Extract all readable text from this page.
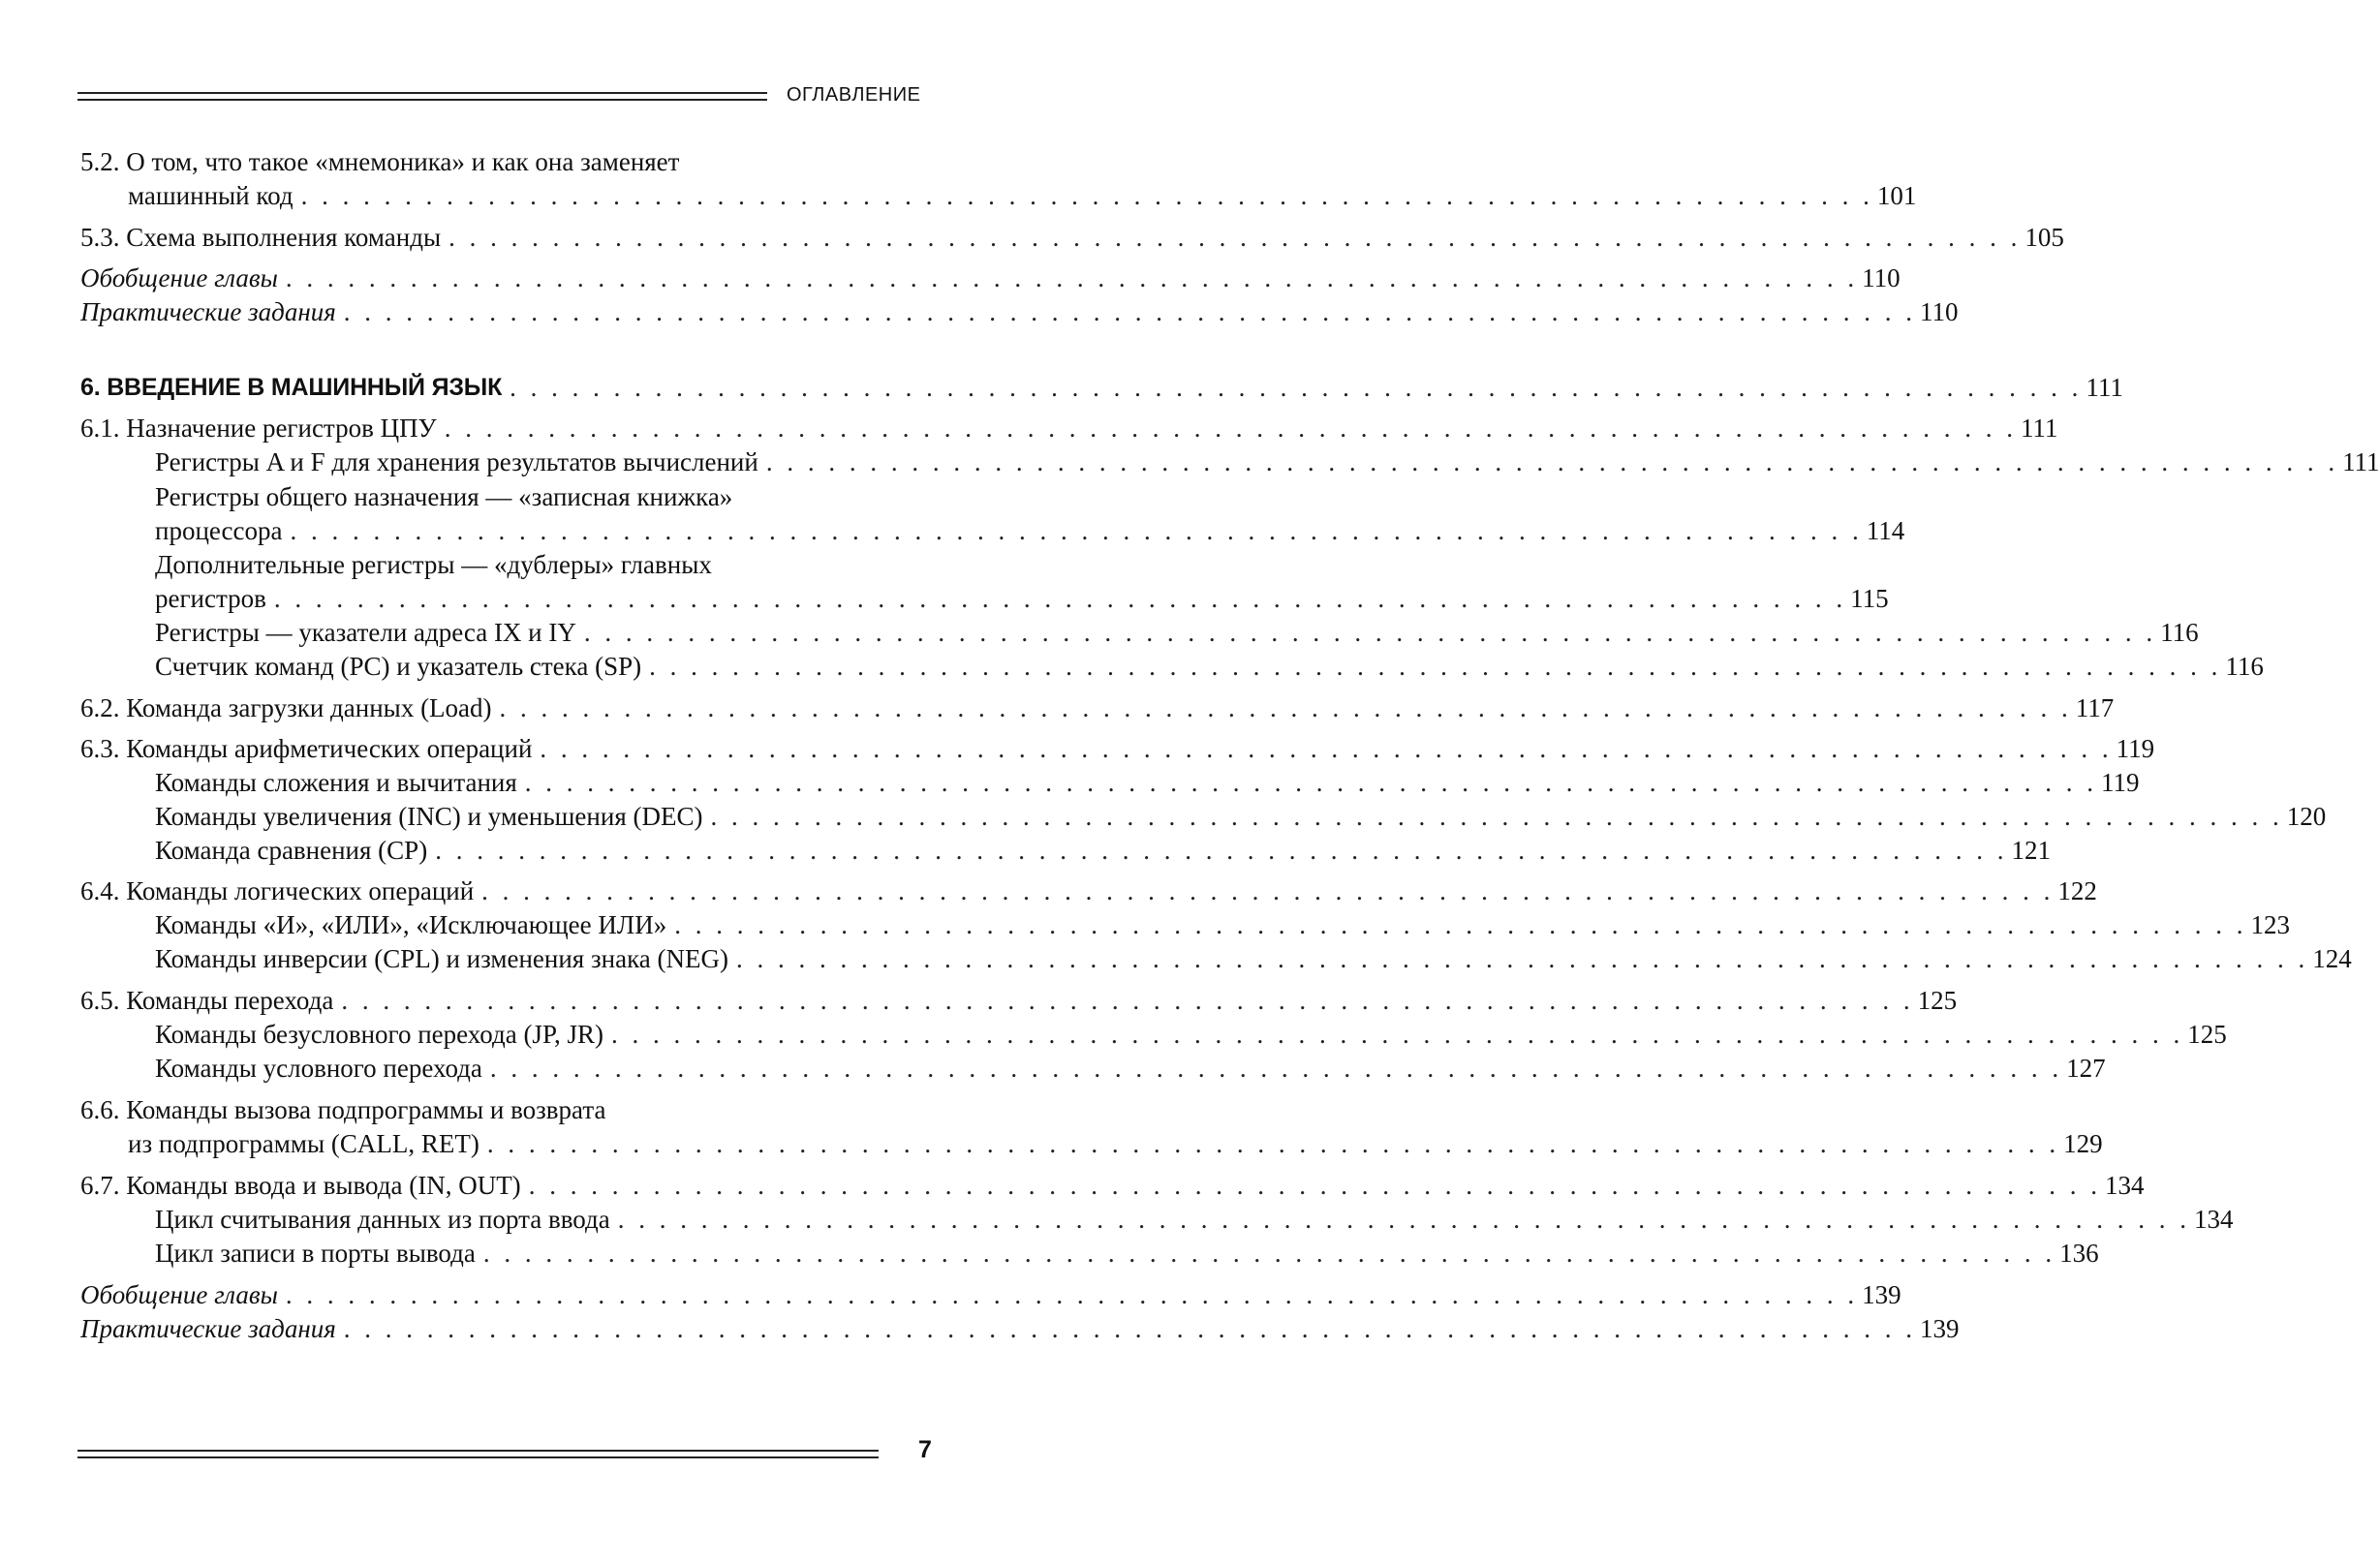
ОГЛАВЛЕНИЕ
5.2. О том, что такое «мнемоника» и как она заменяет
машинный код . . . . . . . . . . . . . . . . . . . . . . . . . . . . . . . . . . . . . . . . . . . . . . . . . . . . . . . . . . . . . . . . . . . . . . . . . . . . 101
5.3. Схема выполнения команды . . . . . . . . . . . . . . . . . . . . . . . . . . . . . . . . . . . . . . . . . . . . . . . . . . . . . . . . . . . . . . . . . . . . . . . . . . . . 105
Обобщение главы . . . . . . . . . . . . . . . . . . . . . . . . . . . . . . . . . . . . . . . . . . . . . . . . . . . . . . . . . . . . . . . . . . . . . . . . . . . . 110
Практические задания . . . . . . . . . . . . . . . . . . . . . . . . . . . . . . . . . . . . . . . . . . . . . . . . . . . . . . . . . . . . . . . . . . . . . . . . . . . . 110
6. ВВЕДЕНИЕ В МАШИННЫЙ ЯЗЫК . . . . . . . . . . . . . . . . . . . . . . . . . . . . . . . . . . . . . . . . . . . . . . . . . . . . . . . . . . . . . . . . . . . . . . . . . . . . 111
6.1. Назначение регистров ЦПУ . . . . . . . . . . . . . . . . . . . . . . . . . . . . . . . . . . . . . . . . . . . . . . . . . . . . . . . . . . . . . . . . . . . . . . . . . . . . 111
Регистры A и F для хранения результатов вычислений . . . . . . . . . . . . . . . . . . . . . . . . . . . . . . . . . . . . . . . . . . . . . . . . . . . . . . . . . . . . . . . . . . . . . . . . . . . . 111
Регистры общего назначения — «записная книжка»
процессора . . . . . . . . . . . . . . . . . . . . . . . . . . . . . . . . . . . . . . . . . . . . . . . . . . . . . . . . . . . . . . . . . . . . . . . . . . . . 114
Дополнительные регистры — «дублеры» главных
регистров . . . . . . . . . . . . . . . . . . . . . . . . . . . . . . . . . . . . . . . . . . . . . . . . . . . . . . . . . . . . . . . . . . . . . . . . . . . . 115
Регистры — указатели адреса IX и IY . . . . . . . . . . . . . . . . . . . . . . . . . . . . . . . . . . . . . . . . . . . . . . . . . . . . . . . . . . . . . . . . . . . . . . . . . . . . 116
Счетчик команд (PC) и указатель стека (SP) . . . . . . . . . . . . . . . . . . . . . . . . . . . . . . . . . . . . . . . . . . . . . . . . . . . . . . . . . . . . . . . . . . . . . . . . . . . . 116
6.2. Команда загрузки данных (Load) . . . . . . . . . . . . . . . . . . . . . . . . . . . . . . . . . . . . . . . . . . . . . . . . . . . . . . . . . . . . . . . . . . . . . . . . . . . . 117
6.3. Команды арифметических операций . . . . . . . . . . . . . . . . . . . . . . . . . . . . . . . . . . . . . . . . . . . . . . . . . . . . . . . . . . . . . . . . . . . . . . . . . . . . 119
Команды сложения и вычитания . . . . . . . . . . . . . . . . . . . . . . . . . . . . . . . . . . . . . . . . . . . . . . . . . . . . . . . . . . . . . . . . . . . . . . . . . . . . 119
Команды увеличения (INC) и уменьшения (DEC) . . . . . . . . . . . . . . . . . . . . . . . . . . . . . . . . . . . . . . . . . . . . . . . . . . . . . . . . . . . . . . . . . . . . . . . . . . . . 120
Команда сравнения (CP) . . . . . . . . . . . . . . . . . . . . . . . . . . . . . . . . . . . . . . . . . . . . . . . . . . . . . . . . . . . . . . . . . . . . . . . . . . . . 121
6.4. Команды логических операций . . . . . . . . . . . . . . . . . . . . . . . . . . . . . . . . . . . . . . . . . . . . . . . . . . . . . . . . . . . . . . . . . . . . . . . . . . . . 122
Команды «И», «ИЛИ», «Исключающее ИЛИ» . . . . . . . . . . . . . . . . . . . . . . . . . . . . . . . . . . . . . . . . . . . . . . . . . . . . . . . . . . . . . . . . . . . . . . . . . . . . 123
Команды инверсии (CPL) и изменения знака (NEG) . . . . . . . . . . . . . . . . . . . . . . . . . . . . . . . . . . . . . . . . . . . . . . . . . . . . . . . . . . . . . . . . . . . . . . . . . . . . 124
6.5. Команды перехода . . . . . . . . . . . . . . . . . . . . . . . . . . . . . . . . . . . . . . . . . . . . . . . . . . . . . . . . . . . . . . . . . . . . . . . . . . . . 125
Команды безусловного перехода (JP, JR) . . . . . . . . . . . . . . . . . . . . . . . . . . . . . . . . . . . . . . . . . . . . . . . . . . . . . . . . . . . . . . . . . . . . . . . . . . . . 125
Команды условного перехода . . . . . . . . . . . . . . . . . . . . . . . . . . . . . . . . . . . . . . . . . . . . . . . . . . . . . . . . . . . . . . . . . . . . . . . . . . . . 127
6.6. Команды вызова подпрограммы и возврата
из подпрограммы (CALL, RET) . . . . . . . . . . . . . . . . . . . . . . . . . . . . . . . . . . . . . . . . . . . . . . . . . . . . . . . . . . . . . . . . . . . . . . . . . . . . 129
6.7. Команды ввода и вывода (IN, OUT) . . . . . . . . . . . . . . . . . . . . . . . . . . . . . . . . . . . . . . . . . . . . . . . . . . . . . . . . . . . . . . . . . . . . . . . . . . . . 134
Цикл считывания данных из порта ввода . . . . . . . . . . . . . . . . . . . . . . . . . . . . . . . . . . . . . . . . . . . . . . . . . . . . . . . . . . . . . . . . . . . . . . . . . . . . 134
Цикл записи в порты вывода . . . . . . . . . . . . . . . . . . . . . . . . . . . . . . . . . . . . . . . . . . . . . . . . . . . . . . . . . . . . . . . . . . . . . . . . . . . . 136
Обобщение главы . . . . . . . . . . . . . . . . . . . . . . . . . . . . . . . . . . . . . . . . . . . . . . . . . . . . . . . . . . . . . . . . . . . . . . . . . . . . 139
Практические задания . . . . . . . . . . . . . . . . . . . . . . . . . . . . . . . . . . . . . . . . . . . . . . . . . . . . . . . . . . . . . . . . . . . . . . . . . . . . 139
7
